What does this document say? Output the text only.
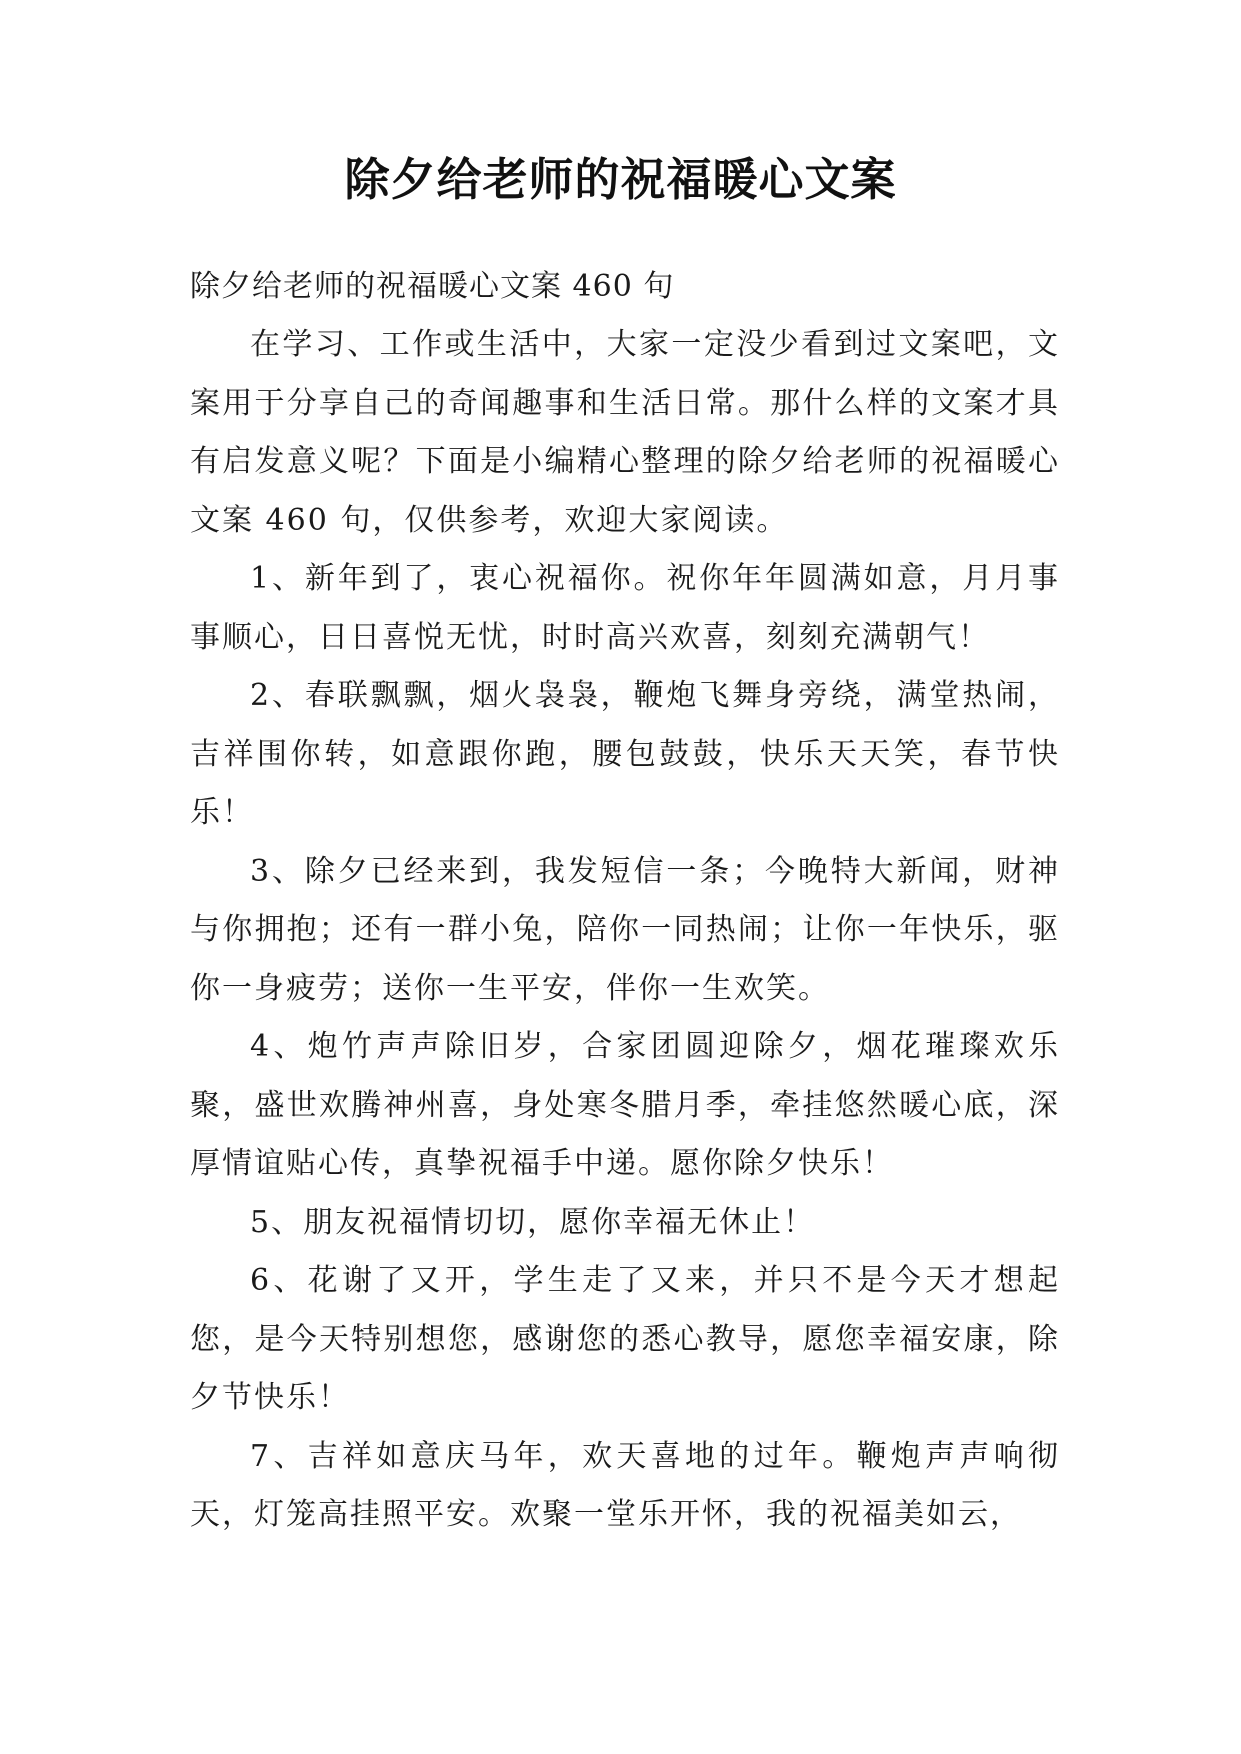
除夕给老师的祝福暖心文案

除夕给老师的祝福暖心文案 460 句

在学习、工作或生活中，大家一定没少看到过文案吧，文案用于分享自己的奇闻趣事和生活日常。那什么样的文案才具有启发意义呢？下面是小编精心整理的除夕给老师的祝福暖心文案 460 句，仅供参考，欢迎大家阅读。

1、新年到了，衷心祝福你。祝你年年圆满如意，月月事事顺心，日日喜悦无忧，时时高兴欢喜，刻刻充满朝气！

2、春联飘飘，烟火袅袅，鞭炮飞舞身旁绕，满堂热闹，吉祥围你转，如意跟你跑，腰包鼓鼓，快乐天天笑，春节快乐！

3、除夕已经来到，我发短信一条；今晚特大新闻，财神与你拥抱；还有一群小兔，陪你一同热闹；让你一年快乐，驱你一身疲劳；送你一生平安，伴你一生欢笑。

4、炮竹声声除旧岁，合家团圆迎除夕，烟花璀璨欢乐聚，盛世欢腾神州喜，身处寒冬腊月季，牵挂悠然暖心底，深厚情谊贴心传，真挚祝福手中递。愿你除夕快乐！

5、朋友祝福情切切，愿你幸福无休止！

6、花谢了又开，学生走了又来，并只不是今天才想起您，是今天特别想您，感谢您的悉心教导，愿您幸福安康，除夕节快乐！

7、吉祥如意庆马年，欢天喜地的过年。鞭炮声声响彻天，灯笼高挂照平安。欢聚一堂乐开怀，我的祝福美如云，
